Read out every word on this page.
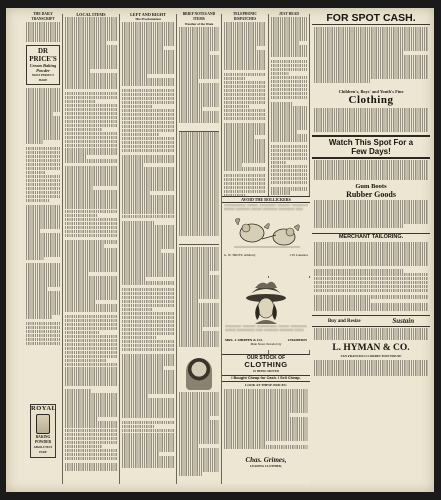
THE DAILY TRANSCRIPT
DR PRICE'S
Cream Baking Powder
MOST PERFECT MADE
ROYAL
BAKING POWDER
ABSOLUTELY PURE
LOCAL ITEMS	LEFT AND RIGHT
The Proclamation
BRIEF NOTES AND ITEMS
Weather of the Week
TELEPHONIC DISPATCHES
JUST HEAD
AVOID THE ROLLICKERS
xxxxxxxxxxxx xxxxxx xxxxxxxxx xxxxxxx xxxxxxxxx xxxxxx xxxxxxxx xxxxxx xxxxxxxx xxxxxxxxx xxxx
G. W. TRUEY, Arbitrary	J. H. Laurence
xxxxxxxxx xxxxxxx xxxxxxxxxxx xxxxxx xxxxxxxxx xxxxxx xxxxxxxxxx xxxx xxxxxxxx xxxxxxxx xxxxx
MRS. J. SHIPPEN & CO.	CHAMPION
Main Street, Nevada City
OUR STOCK OF
CLOTHING
IS BEING MOVED
I Bought Cheap for Cash. I Sell Cheap.
LOOK AT THESE PRICES:
Chas. Grimes,
LEADING CLOTHIER,
FOR SPOT CASH.
Children's, Boys' and Youth's Fine
Clothing
Watch This Spot For a
Few Days!
Gum Boots
Rubber Goods
MERCHANT TAILORING.
Buy and Resize	Sustain
L. HYMAN & CO.
SAN FRANCISCO CORRECTION HOUSE
